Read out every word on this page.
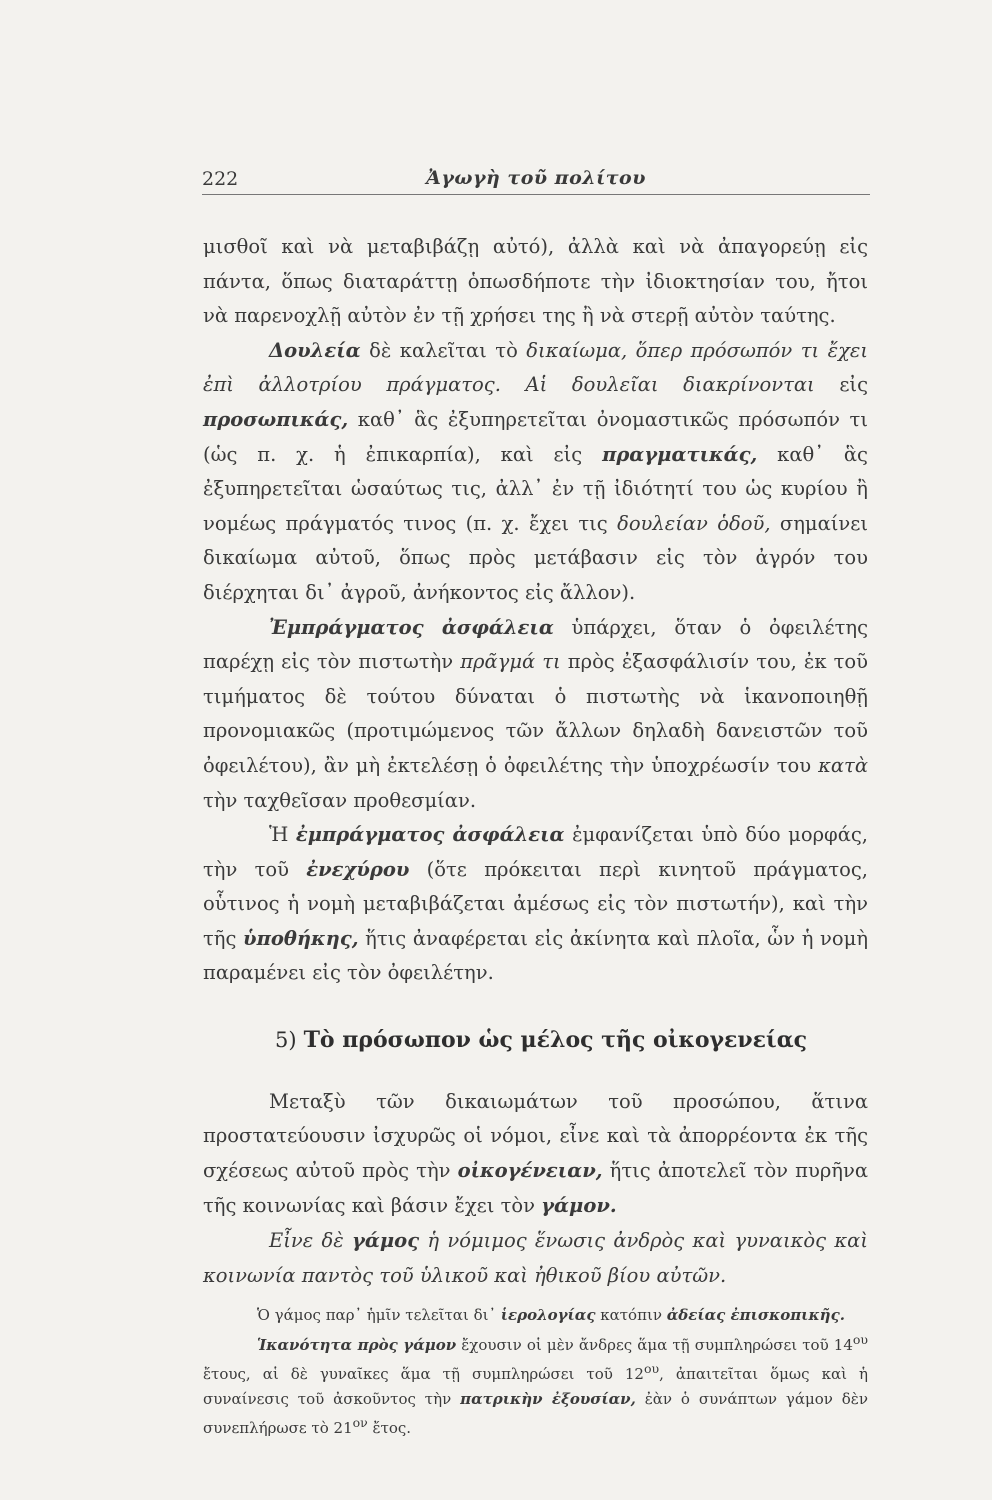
222	Ἀγωγὴ τοῦ πολίτου

μισθοῖ καὶ νὰ μεταβιβάζῃ αὐτό), ἀλλὰ καὶ νὰ ἀπαγορεύῃ εἰς πάντα, ὅπως διαταράττῃ ὁπωσδήποτε τὴν ἰδιοκτησίαν του, ἤτοι νὰ παρενοχλῇ αὐτὸν ἐν τῇ χρήσει της ἢ νὰ στερῇ αὐτὸν ταύτης.

Δουλεία δὲ καλεῖται τὸ δικαίωμα, ὅπερ πρόσωπόν τι ἔχει ἐπὶ ἀλλοτρίου πράγματος. Αἱ δουλεῖαι διακρίνονται εἰς προσωπικάς, καθ᾿ ἃς ἐξυπηρετεῖται ὀνομαστικῶς πρόσωπόν τι (ὡς π. χ. ἡ ἐπικαρπία), καὶ εἰς πραγματικάς, καθ᾿ ἃς ἐξυπηρετεῖται ὡσαύτως τις, ἀλλ᾿ ἐν τῇ ἰδιότητί του ὡς κυρίου ἢ νομέως πράγματός τινος (π. χ. ἔχει τις δουλείαν ὁδοῦ, σημαίνει δικαίωμα αὐτοῦ, ὅπως πρὸς μετάβασιν εἰς τὸν ἀγρόν του διέρχηται δι᾿ ἀγροῦ, ἀνήκοντος εἰς ἄλλον).

Ἐμπράγματος ἀσφάλεια ὑπάρχει, ὅταν ὁ ὀφειλέτης παρέχῃ εἰς τὸν πιστωτὴν πρᾶγμά τι πρὸς ἐξασφάλισίν του, ἐκ τοῦ τιμήματος δὲ τούτου δύναται ὁ πιστωτὴς νὰ ἱκανοποιηθῇ προνομιακῶς (προτιμώμενος τῶν ἄλλων δηλαδὴ δανειστῶν τοῦ ὀφειλέτου), ἂν μὴ ἐκτελέσῃ ὁ ὀφειλέτης τὴν ὑποχρέωσίν του κατὰ τὴν ταχθεῖσαν προθεσμίαν.

Ἡ ἐμπράγματος ἀσφάλεια ἐμφανίζεται ὑπὸ δύο μορφάς, τὴν τοῦ ἐνεχύρου (ὅτε πρόκειται περὶ κινητοῦ πράγματος, οὗτινος ἡ νομὴ μεταβιβάζεται ἀμέσως εἰς τὸν πιστωτήν), καὶ τὴν τῆς ὑποθήκης, ἥτις ἀναφέρεται εἰς ἀκίνητα καὶ πλοῖα, ὧν ἡ νομὴ παραμένει εἰς τὸν ὀφειλέτην.

5) Τὸ πρόσωπον ὡς μέλος τῆς οἰκογενείας

Μεταξὺ τῶν δικαιωμάτων τοῦ προσώπου, ἅτινα προστατεύουσιν ἰσχυρῶς οἱ νόμοι, εἶνε καὶ τὰ ἀπορρέοντα ἐκ τῆς σχέσεως αὐτοῦ πρὸς τὴν οἰκογένειαν, ἥτις ἀποτελεῖ τὸν πυρῆνα τῆς κοινωνίας καὶ βάσιν ἔχει τὸν γάμον.

Εἶνε δὲ γάμος ἡ νόμιμος ἕνωσις ἀνδρὸς καὶ γυναικὸς καὶ κοινωνία παντὸς τοῦ ὑλικοῦ καὶ ἠθικοῦ βίου αὐτῶν.

Ὁ γάμος παρ᾿ ἡμῖν τελεῖται δι᾿ ἱερολογίας κατόπιν ἀδείας ἐπισκοπικῆς.

Ἱκανότητα πρὸς γάμον ἔχουσιν οἱ μὲν ἄνδρες ἅμα τῇ συμπληρώσει τοῦ $14^{o\upsilon}$ ἔτους, αἱ δὲ γυναῖκες ἅμα τῇ συμπληρώσει τοῦ $12^{o\upsilon}$, ἀπαιτεῖται ὅμως καὶ ἡ συναίνεσις τοῦ ἀσκοῦντος τὴν πατρικὴν ἐξουσίαν, ἐὰν ὁ συνάπτων γάμον δὲν συνεπλήρωσε τὸ $21^{o\nu}$ ἔτος.
